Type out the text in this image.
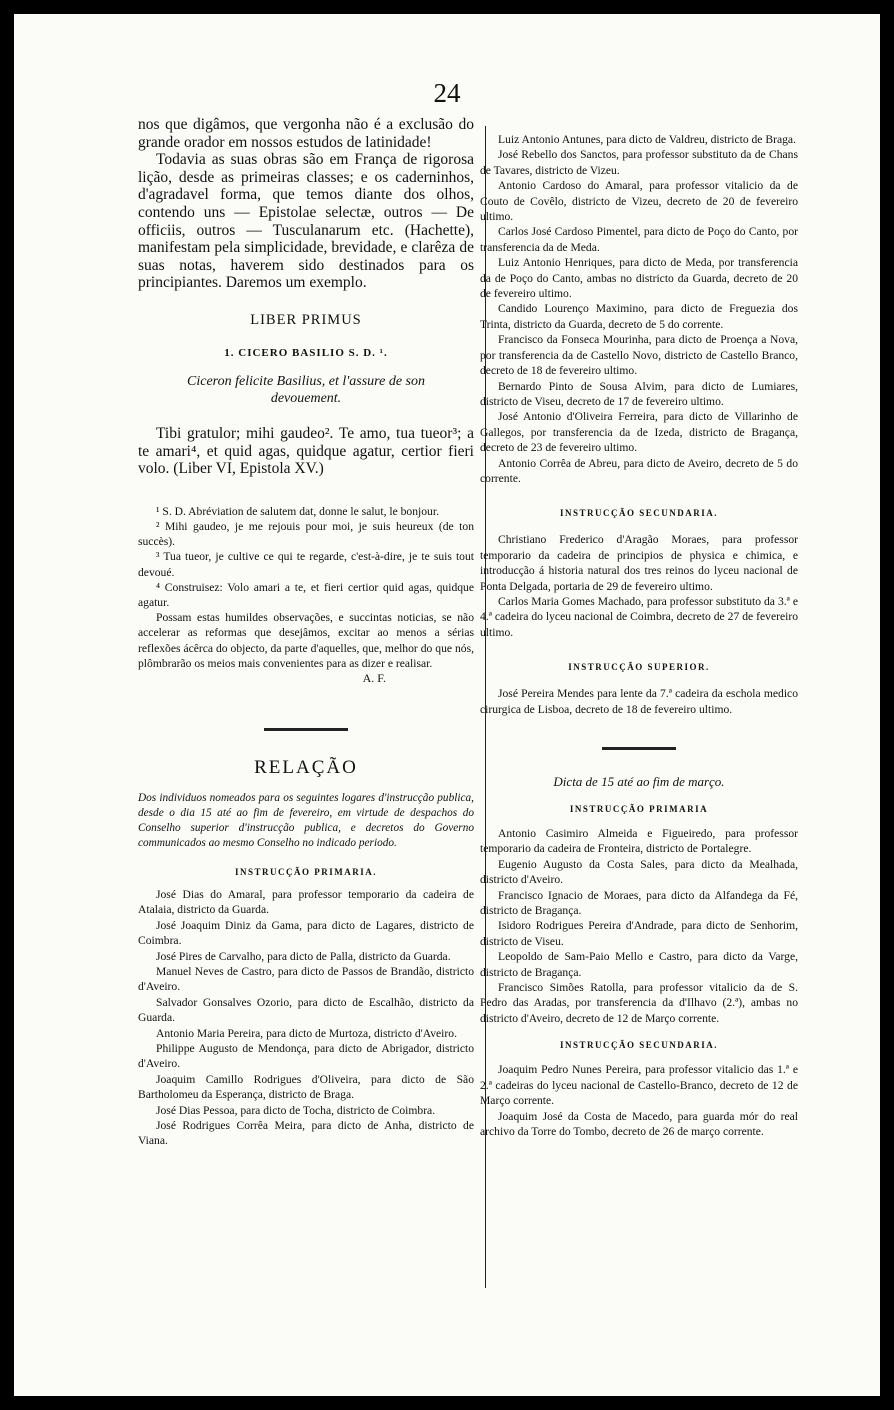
24

nos que digâmos, que vergonha não é a exclusão do grande orador em nossos estudos de latinidade!

Todavia as suas obras são em França de rigorosa lição, desde as primeiras classes; e os caderninhos, d'agradavel forma, que temos diante dos olhos, contendo uns — Epistolae selectæ, outros — De officiis, outros — Tusculanarum etc. (Hachette), manifestam pela simplicidade, brevidade, e clarêza de suas notas, haverem sido destinados para os principiantes. Daremos um exemplo.

LIBER PRIMUS

1. CICERO BASILIO S. D. ¹.

Ciceron felicite Basilius, et l'assure de son devouement.

Tibi gratulor; mihi gaudeo². Te amo, tua tueor³; a te amari⁴, et quid agas, quidque agatur, certior fieri volo. (Liber VI, Epistola XV.)

¹ S. D. Abréviation de salutem dat, donne le salut, le bonjour.

² Mihi gaudeo, je me rejouis pour moi, je suis heureux (de ton succès).

³ Tua tueor, je cultive ce qui te regarde, c'est-à-dire, je te suis tout devoué.

⁴ Construisez: Volo amari a te, et fieri certior quid agas, quidque agatur.

Possam estas humildes observações, e succintas noticias, se não accelerar as reformas que desejâmos, excitar ao menos a sérias reflexões ácêrca do objecto, da parte d'aquelles, que, melhor do que nós, plômbrarão os meios mais convenientes para as dizer e realisar.

A. F.

RELAÇÃO

Dos individuos nomeados para os seguintes logares d'instrucção publica, desde o dia 15 até ao fim de fevereiro, em virtude de despachos do Conselho superior d'instrucção publica, e decretos do Governo communicados ao mesmo Conselho no indicado periodo.

INSTRUCÇÃO PRIMARIA.

José Dias do Amaral, para professor temporario da cadeira de Atalaia, districto da Guarda.

José Joaquim Diniz da Gama, para dicto de Lagares, districto de Coimbra.

José Pires de Carvalho, para dicto de Palla, districto da Guarda.

Manuel Neves de Castro, para dicto de Passos de Brandão, districto d'Aveiro.

Salvador Gonsalves Ozorio, para dicto de Escalhão, districto da Guarda.

Antonio Maria Pereira, para dicto de Murtoza, districto d'Aveiro.

Philippe Augusto de Mendonça, para dicto de Abrigador, districto d'Aveiro.

Joaquim Camillo Rodrigues d'Oliveira, para dicto de São Bartholomeu da Esperança, districto de Braga.

José Dias Pessoa, para dicto de Tocha, districto de Coimbra.

José Rodrigues Corrêa Meira, para dicto de Anha, districto de Viana.

Luiz Antonio Antunes, para dicto de Valdreu, districto de Braga.

José Rebello dos Sanctos, para professor substituto da de Chans de Tavares, districto de Vizeu.

Antonio Cardoso do Amaral, para professor vitalicio da de Couto de Covêlo, districto de Vizeu, decreto de 20 de fevereiro ultimo.

Carlos José Cardoso Pimentel, para dicto de Poço do Canto, por transferencia da de Meda.

Luiz Antonio Henriques, para dicto de Meda, por transferencia da de Poço do Canto, ambas no districto da Guarda, decreto de 20 de fevereiro ultimo.

Candido Lourenço Maximino, para dicto de Freguezia dos Trinta, districto da Guarda, decreto de 5 do corrente.

Francisco da Fonseca Mourinha, para dicto de Proença a Nova, por transferencia da de Castello Novo, districto de Castello Branco, decreto de 18 de fevereiro ultimo.

Bernardo Pinto de Sousa Alvim, para dicto de Lumiares, districto de Viseu, decreto de 17 de fevereiro ultimo.

José Antonio d'Oliveira Ferreira, para dicto de Villarinho de Gallegos, por transferencia da de Izeda, districto de Bragança, decreto de 23 de fevereiro ultimo.

Antonio Corrêa de Abreu, para dicto de Aveiro, decreto de 5 do corrente.

INSTRUCÇÃO SECUNDARIA.

Christiano Frederico d'Aragão Moraes, para professor temporario da cadeira de principios de physica e chimica, e introducção á historia natural dos tres reinos do lyceu nacional de Ponta Delgada, portaria de 29 de fevereiro ultimo.

Carlos Maria Gomes Machado, para professor substituto da 3.ª e 4.ª cadeira do lyceu nacional de Coimbra, decreto de 27 de fevereiro ultimo.

INSTRUCÇÃO SUPERIOR.

José Pereira Mendes para lente da 7.ª cadeira da eschola medico cirurgica de Lisboa, decreto de 18 de fevereiro ultimo.

Dicta de 15 até ao fim de março.

INSTRUCÇÃO PRIMARIA

Antonio Casimiro Almeida e Figueiredo, para professor temporario da cadeira de Fronteira, districto de Portalegre.

Eugenio Augusto da Costa Sales, para dicto da Mealhada, districto d'Aveiro.

Francisco Ignacio de Moraes, para dicto da Alfandega da Fé, districto de Bragança.

Isidoro Rodrigues Pereira d'Andrade, para dicto de Senhorim, districto de Viseu.

Leopoldo de Sam-Paio Mello e Castro, para dicto da Varge, districto de Bragança.

Francisco Simões Ratolla, para professor vitalicio da de S. Pedro das Aradas, por transferencia da d'Ilhavo (2.ª), ambas no districto d'Aveiro, decreto de 12 de Março corrente.

INSTRUCÇÃO SECUNDARIA.

Joaquim Pedro Nunes Pereira, para professor vitalicio das 1.ª e 2.ª cadeiras do lyceu nacional de Castello-Branco, decreto de 12 de Março corrente.

Joaquim José da Costa de Macedo, para guarda mór do real archivo da Torre do Tombo, decreto de 26 de março corrente.
